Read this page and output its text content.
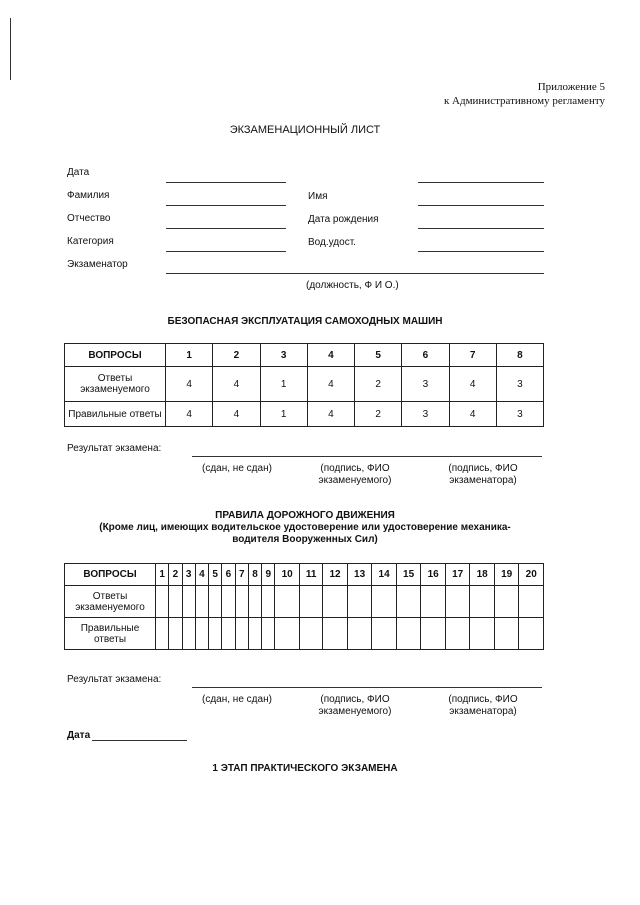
Приложение 5
к Административному регламенту
ЭКЗАМЕНАЦИОННЫЙ ЛИСТ
Дата
Фамилия	Имя
Отчество	Дата рождения
Категория	Вод.удост.
Экзаменатор
(должность, Ф И О.)
БЕЗОПАСНАЯ ЭКСПЛУАТАЦИЯ САМОХОДНЫХ МАШИН
ВОПРОСЫ	1	2	3	4	5	6	7	8
Ответы экзаменуемого	4	4	1	4	2	3	4	3
Правильные ответы	4	4	1	4	2	3	4	3
Результат экзамена:
(сдан, не сдан)	(подпись, ФИО
экзаменуемого)
(подпись, ФИО
экзаменатора)
ПРАВИЛА ДОРОЖНОГО ДВИЖЕНИЯ
(Кроме лиц, имеющих водительское удостоверение или удостоверение механика-
водителя Вооруженных Сил)
ВОПРОСЫ	1	2	3	4	5	6	7	8	9	10	11	12	13	14	15	16	17	18	19	20

Ответы
экзаменуемого																				

Правильные
ответы																				

Результат экзамена:
(сдан, не сдан)	(подпись, ФИО
экзаменуемого)
(подпись, ФИО
экзаменатора)
Дата
1 ЭТАП ПРАКТИЧЕСКОГО ЭКЗАМЕНА
